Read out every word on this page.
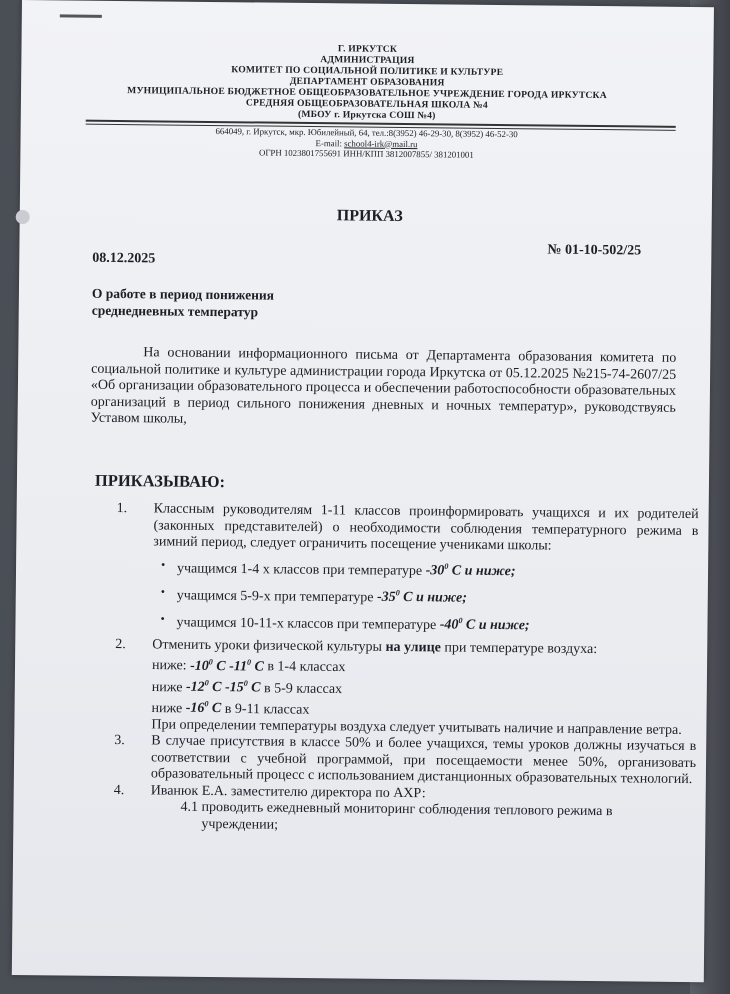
Г. ИРКУТСК
АДМИНИСТРАЦИЯ
КОМИТЕТ ПО СОЦИАЛЬНОЙ ПОЛИТИКЕ И КУЛЬТУРЕ
ДЕПАРТАМЕНТ ОБРАЗОВАНИЯ
МУНИЦИПАЛЬНОЕ БЮДЖЕТНОЕ ОБЩЕОБРАЗОВАТЕЛЬНОЕ УЧРЕЖДЕНИЕ ГОРОДА ИРКУТСКА
СРЕДНЯЯ ОБЩЕОБРАЗОВАТЕЛЬНАЯ ШКОЛА №4
(МБОУ г. Иркутска СОШ №4)
664049, г. Иркутск, мкр. Юбилейный, 64, тел.:8(3952) 46-29-30, 8(3952) 46-52-30
E-mail: school4-irk@mail.ru
ОГРН 1023801755691 ИНН/КПП 3812007855/ 381201001
ПРИКАЗ
№ 01-10-502/25
08.12.2025
О работе в период понижения
среднедневных температур
На основании информационного письма от Департамента образования комитета по социальной политике и культуре администрации города Иркутска от 05.12.2025 №215-74-2607/25 «Об организации образовательного процесса и обеспечении работоспособности образовательных организаций в период сильного понижения дневных и ночных температур», руководствуясь Уставом школы,
ПРИКАЗЫВАЮ:
1. Классным руководителям 1-11 классов проинформировать учащихся и их родителей (законных представителей) о необходимости соблюдения температурного режима в зимний период, следует ограничить посещение учениками школы:
• учащимся 1-4 х классов при температуре $-30^0$ С и ниже;
• учащимся 5-9-х при температуре $-35^0$ С и ниже;
• учащимся 10-11-х классов при температуре $-40^0$ С и ниже;
2. Отменить уроки физической культуры на улице при температуре воздуха:
ниже: $-10^0$ С $-11^0$ С в 1-4 классах
ниже $-12^0$ С $-15^0$ С в 5-9 классах
ниже $-16^0$ С в 9-11 классах
При определении температуры воздуха следует учитывать наличие и направление ветра.
3. В случае присутствия в классе 50% и более учащихся, темы уроков должны изучаться в соответствии с учебной программой, при посещаемости менее 50%, организовать образовательный процесс с использованием дистанционных образовательных технологий.
4. Иванюк Е.А. заместителю директора по АХР:
4.1 проводить ежедневный мониторинг соблюдения теплового режима в
учреждении;
